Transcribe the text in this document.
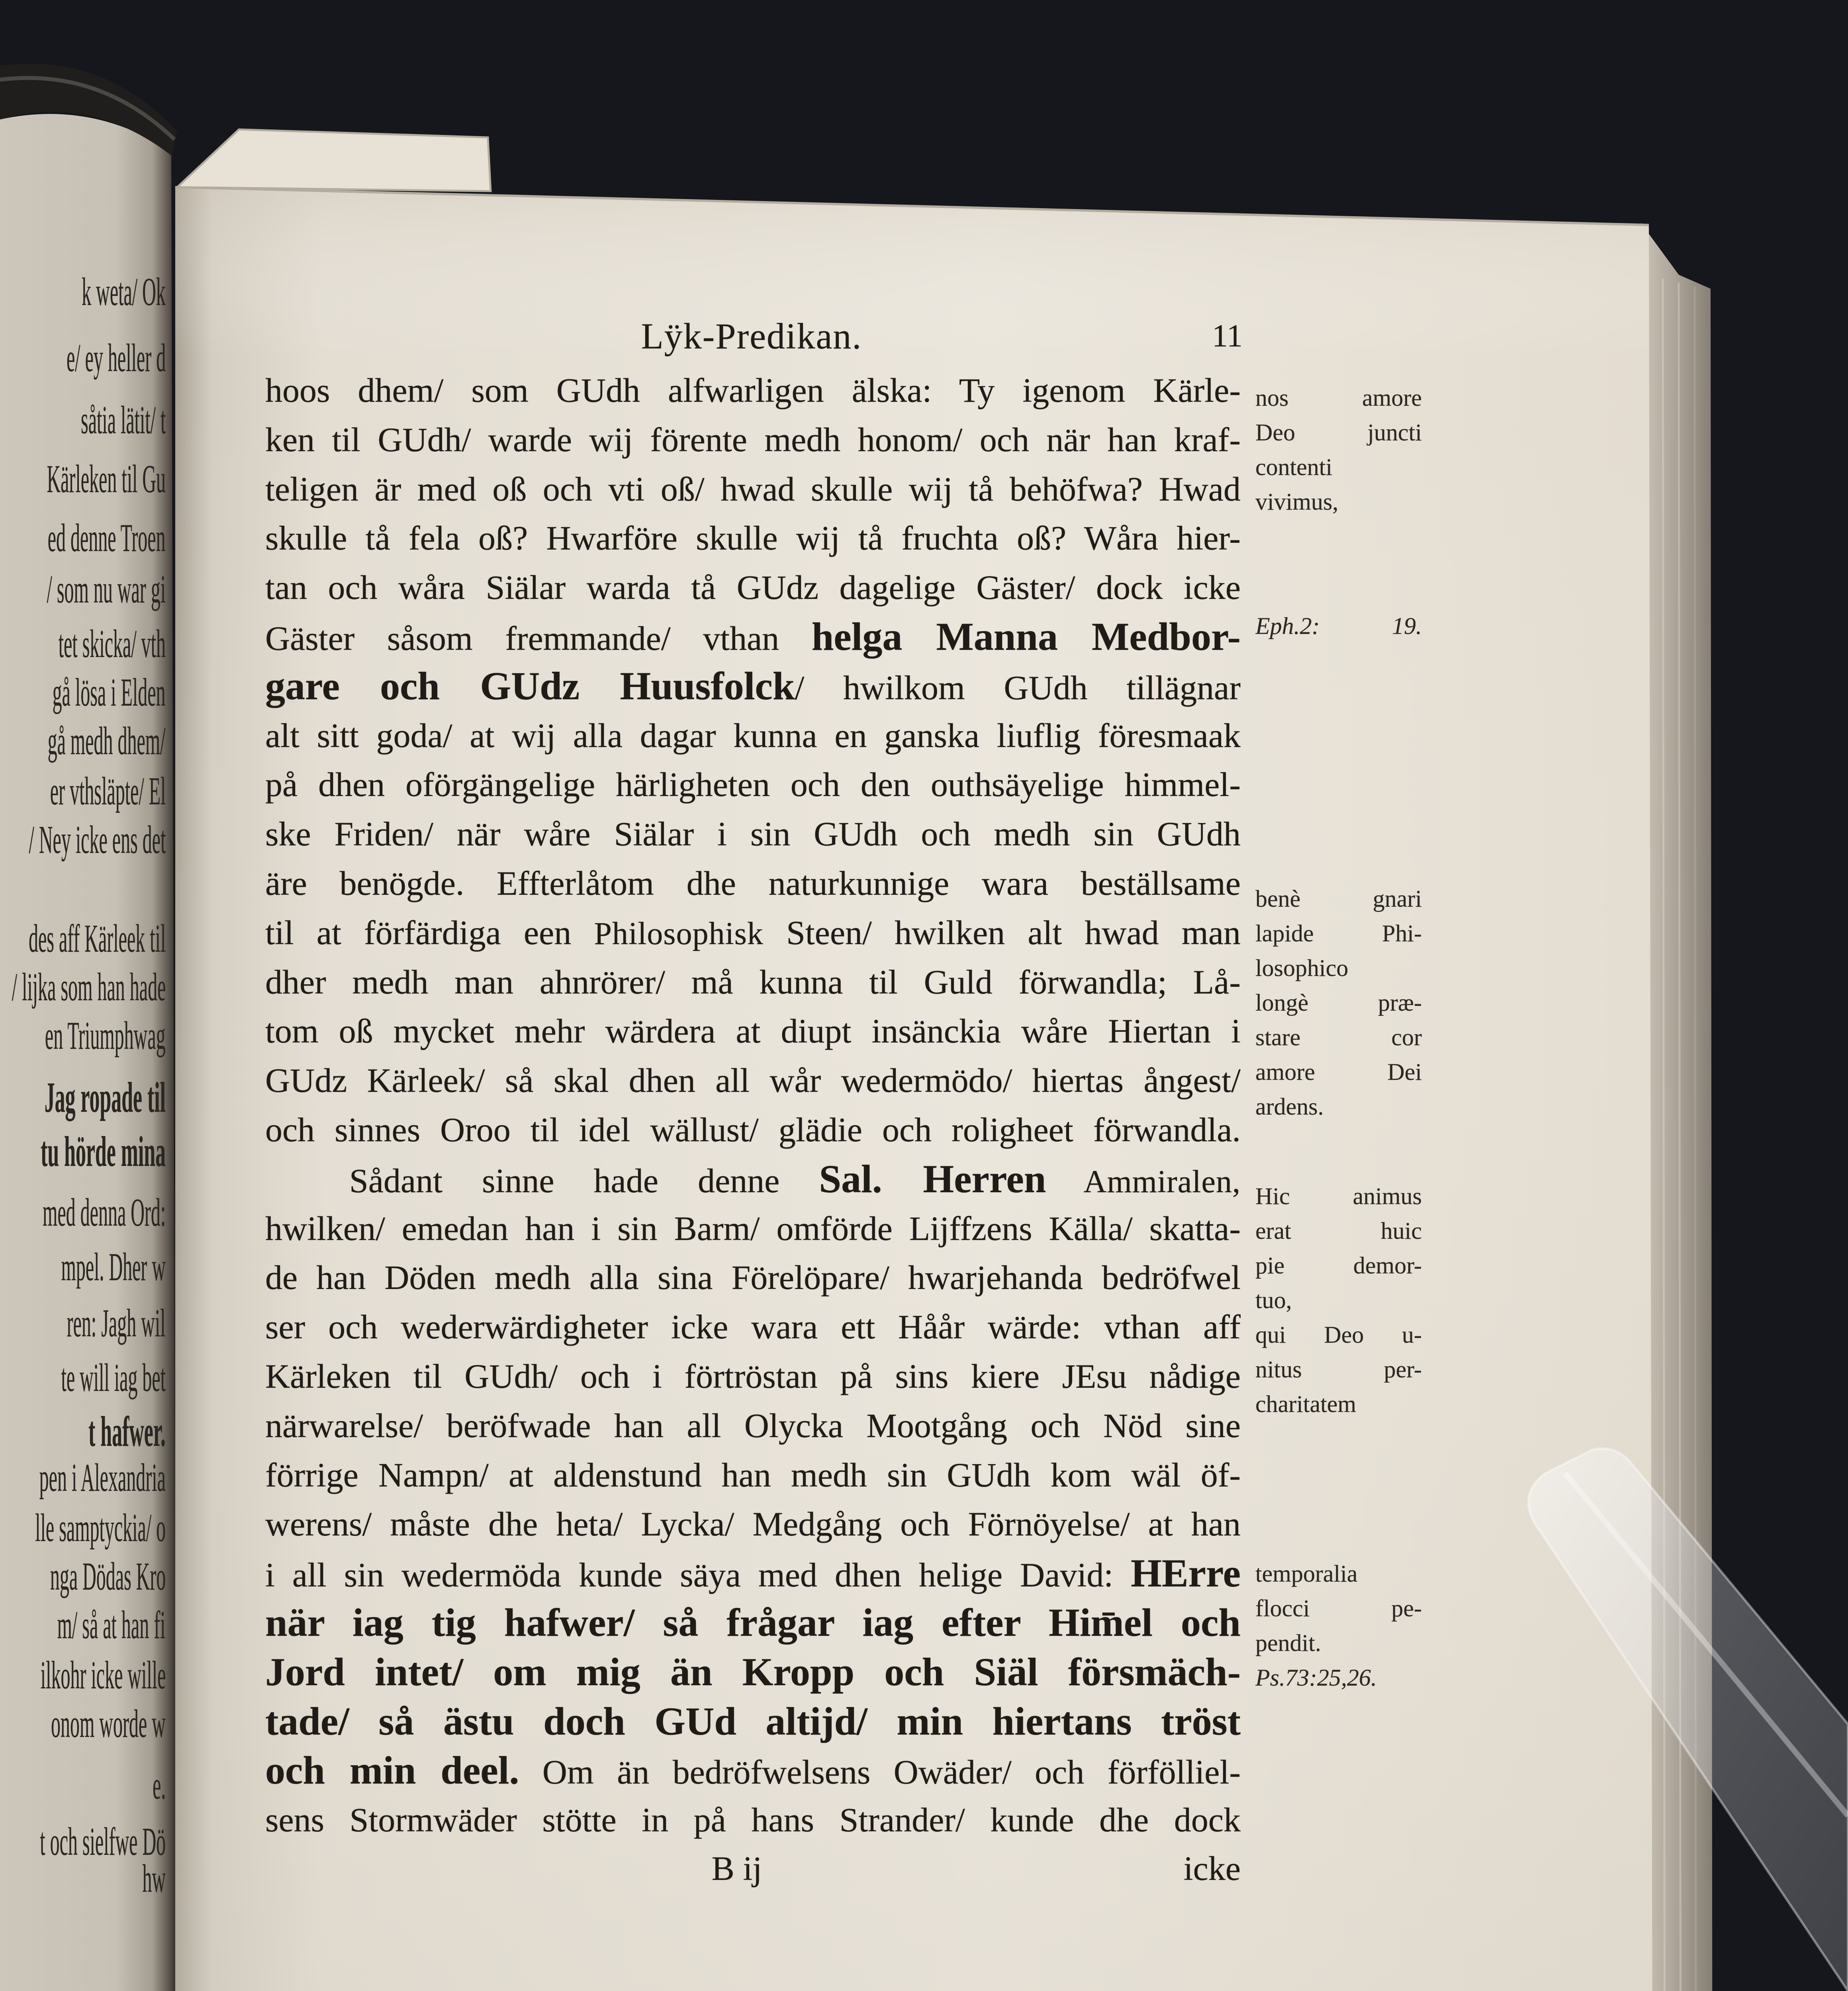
k weta/ Ok
e/ ey heller d
såtia lätit/ t
Kärleken til Gu
ed denne Troen
/ som nu war gi
tet skicka/ vth
gå lösa i Elden
gå medh dhem/
er vthsläpte/ El
/ Ney icke ens det
des aff Kärleek til
/ lijka som han hade
en Triumphwag
Jag ropade til
tu hörde mina
med denna Ord:
mpel. Dher w
ren: Jagh wil
te will iag bet
t hafwer.
pen i Alexandria
lle samptyckia/ o
nga Dödas Kro
m/ så at han fi
ilkohr icke wille
onom worde w
e.
t och sielfwe Dö
hw
Lÿk-Predikan.	11
hoos dhem/ som GUdh alfwarligen älska: Ty igenom Kärle-
ken til GUdh/ warde wij förente medh honom/ och när han kraf-
teligen är med oß och vti oß/ hwad skulle wij tå behöfwa? Hwad
skulle tå fela oß? Hwarföre skulle wij tå fruchta oß? Wåra hier-
tan och wåra Siälar warda tå GUdz dagelige Gäster/ dock icke
Gäster såsom fremmande/ vthan helga Manna Medbor-
gare och GUdz Huusfolck/ hwilkom GUdh tillägnar
alt sitt goda/ at wij alla dagar kunna en ganska liuflig föresmaak
på dhen oförgängelige härligheten och den outhsäyelige himmel-
ske Friden/ när wåre Siälar i sin GUdh och medh sin GUdh
äre benögde. Effterlåtom dhe naturkunnige wara beställsame
til at förfärdiga een Philosophisk Steen/ hwilken alt hwad man
dher medh man ahnrörer/ må kunna til Guld förwandla; Lå-
tom oß mycket mehr wärdera at diupt insänckia wåre Hiertan i
GUdz Kärleek/ så skal dhen all wår wedermödo/ hiertas ångest/
och sinnes Oroo til idel wällust/ glädie och roligheet förwandla.
Sådant sinne hade denne Sal. Herren Ammiralen,
hwilken/ emedan han i sin Barm/ omförde Lijffzens Källa/ skatta-
de han Döden medh alla sina Förelöpare/ hwarjehanda bedröfwel
ser och wederwärdigheter icke wara ett Håår wärde: vthan aff
Kärleken til GUdh/ och i förtröstan på sins kiere JEsu nådige
närwarelse/ beröfwade han all Olycka Mootgång och Nöd sine
förrige Nampn/ at aldenstund han medh sin GUdh kom wäl öf-
werens/ måste dhe heta/ Lycka/ Medgång och Förnöyelse/ at han
i all sin wedermöda kunde säya med dhen helige David: HErre
när iag tig hafwer/ så frågar iag efter Him̄el och
Jord intet/ om mig än Kropp och Siäl försmäch-
tade/ så ästu doch GUd altijd/ min hiertans tröst
och min deel. Om än bedröfwelsens Owäder/ och förfölliel-
sens Stormwäder stötte in på hans Strander/ kunde dhe dock
nos amore
Deo juncti
contenti
vivimus,
Eph.2: 19.
benè gnari
lapide Phi-
losophico
longè præ-
stare cor
amore Dei
ardens.
Hic animus
erat huic
pie demor-
tuo,
qui Deo u-
nitus per-
charitatem
temporalia
flocci pe-
pendit.
Ps.73:25,26.
B ij	icke
